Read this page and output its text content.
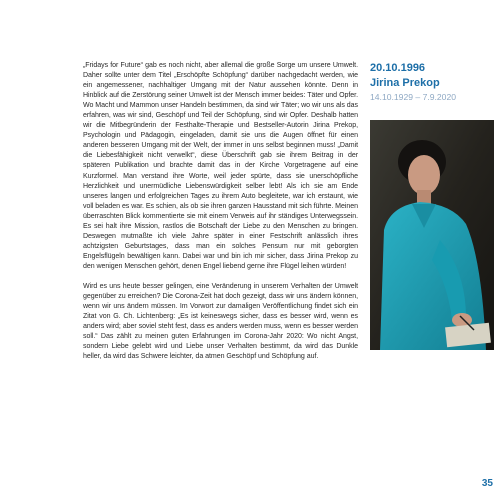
„Fridays for Future“ gab es noch nicht, aber allemal die große Sorge um unsere Umwelt. Daher sollte unter dem Titel „Erschöpfte Schöpfung“ darüber nachgedacht werden, wie ein angemessener, nachhaltiger Umgang mit der Natur aussehen könnte. Denn in Hinblick auf die Zerstörung seiner Umwelt ist der Mensch immer beides: Täter und Opfer. Wo Macht und Mammon unser Handeln bestimmen, da sind wir Täter; wo wir uns als das erfahren, was wir sind, Geschöpf und Teil der Schöpfung, sind wir Opfer. Deshalb hatten wir die Mitbegründerin der Festhalte-Therapie und Bestseller-Autorin Jirina Prekop, Psychologin und Pädagogin, eingeladen, damit sie uns die Augen öffnet für einen anderen besseren Umgang mit der Welt, der immer in uns selbst beginnen muss! „Damit die Liebesfähigkeit nicht verwelkt“, diese Überschrift gab sie ihrem Beitrag in der späteren Publikation und brachte damit das in der Kirche Vorgetragene auf eine Kurzformel. Man verstand ihre Worte, weil jeder spürte, dass sie unerschöpfliche Herzlichkeit und unermüdliche Liebenswürdigkeit selber lebt! Als ich sie am Ende unseres langen und erfolgreichen Tages zu ihrem Auto begleitete, war ich erstaunt, wie voll beladen es war. Es schien, als ob sie ihren ganzen Hausstand mit sich führte. Meinen überraschten Blick kommentierte sie mit einem Verweis auf ihr ständiges Unterwegssein. Es sei halt ihre Mission, rastlos die Botschaft der Liebe zu den Menschen zu bringen. Deswegen mutmaßte ich viele Jahre später in einer Festschrift anlässlich ihres achtzigsten Geburtstages, dass man ein solches Pensum nur mit geborgten Engelsflügeln bewältigen kann. Dabei war und bin ich mir sicher, dass Jirina Prekop zu den wenigen Menschen gehört, denen Engel liebend gerne ihre Flügel leihen würden!

Wird es uns heute besser gelingen, eine Veränderung in unserem Verhalten der Umwelt gegenüber zu erreichen? Die Corona-Zeit hat doch gezeigt, dass wir uns ändern können, wenn wir uns ändern müssen. Im Vorwort zur damaligen Veröffentlichung findet sich ein Zitat von G. Ch. Lichtenberg: „Es ist keineswegs sicher, dass es besser wird, wenn es anders wird; aber soviel steht fest, dass es anders werden muss, wenn es besser werden soll.“ Das zählt zu meinen guten Erfahrungen im Corona-Jahr 2020: Wo nicht Angst, sondern Liebe gelebt wird und Liebe unser Verhalten bestimmt, da wird das Dunkle heller, da wird das Schwere leichter, da atmen Geschöpf und Schöpfung auf.

20.10.1996
Jirina Prekop
14.10.1929 – 7.9.2020
35
